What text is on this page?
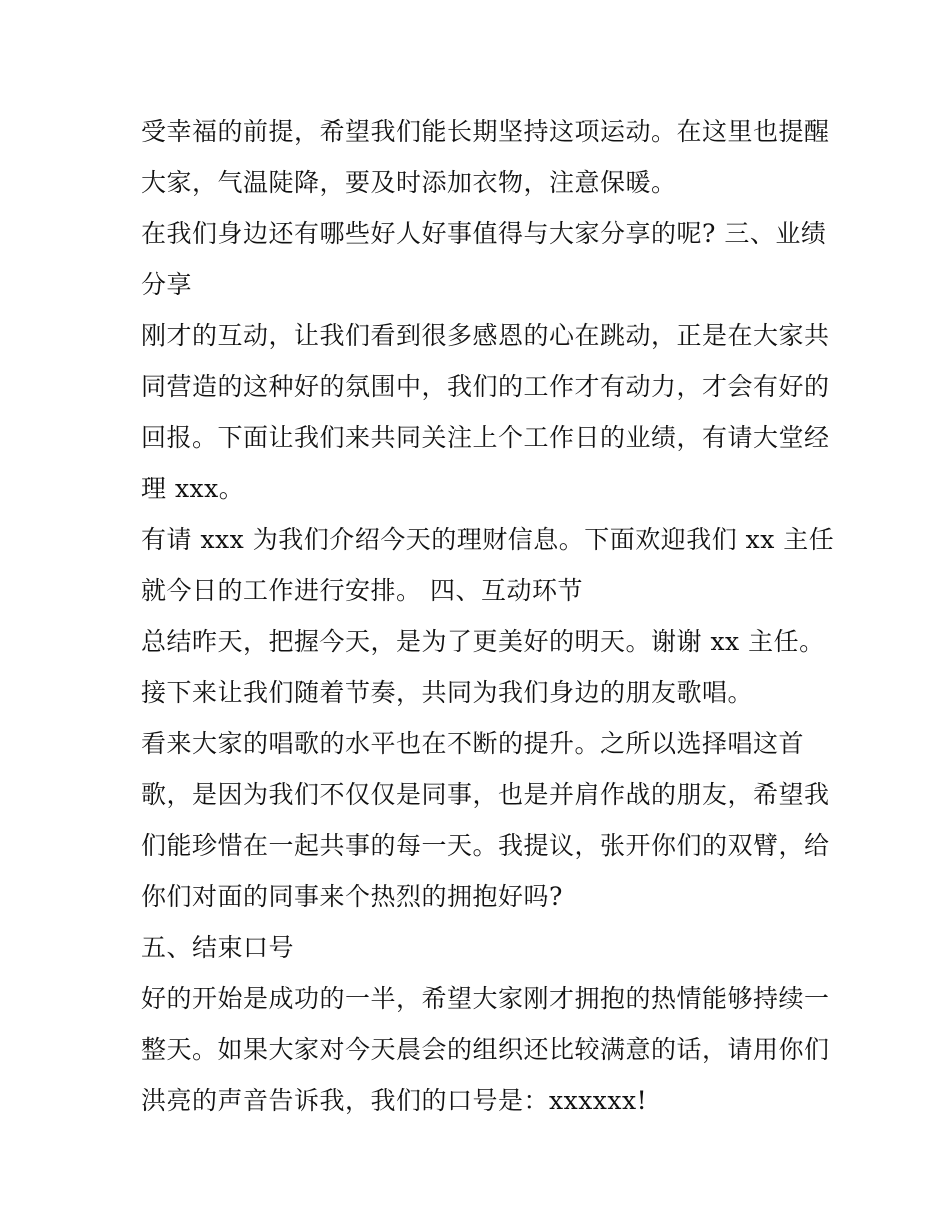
受幸福的前提，希望我们能长期坚持这项运动。在这里也提醒
大家，气温陡降，要及时添加衣物，注意保暖。
在我们身边还有哪些好人好事值得与大家分享的呢? 三、业绩
分享
刚才的互动，让我们看到很多感恩的心在跳动，正是在大家共
同营造的这种好的氛围中，我们的工作才有动力，才会有好的
回报。下面让我们来共同关注上个工作日的业绩，有请大堂经
理 xxx。
有请 xxx 为我们介绍今天的理财信息。下面欢迎我们 xx 主任
就今日的工作进行安排。 四、互动环节
总结昨天，把握今天，是为了更美好的明天。谢谢 xx 主任。
接下来让我们随着节奏，共同为我们身边的朋友歌唱。
看来大家的唱歌的水平也在不断的提升。之所以选择唱这首
歌，是因为我们不仅仅是同事，也是并肩作战的朋友，希望我
们能珍惜在一起共事的每一天。我提议，张开你们的双臂，给
你们对面的同事来个热烈的拥抱好吗?
五、结束口号
好的开始是成功的一半，希望大家刚才拥抱的热情能够持续一
整天。如果大家对今天晨会的组织还比较满意的话，请用你们
洪亮的声音告诉我，我们的口号是：xxxxxx!
